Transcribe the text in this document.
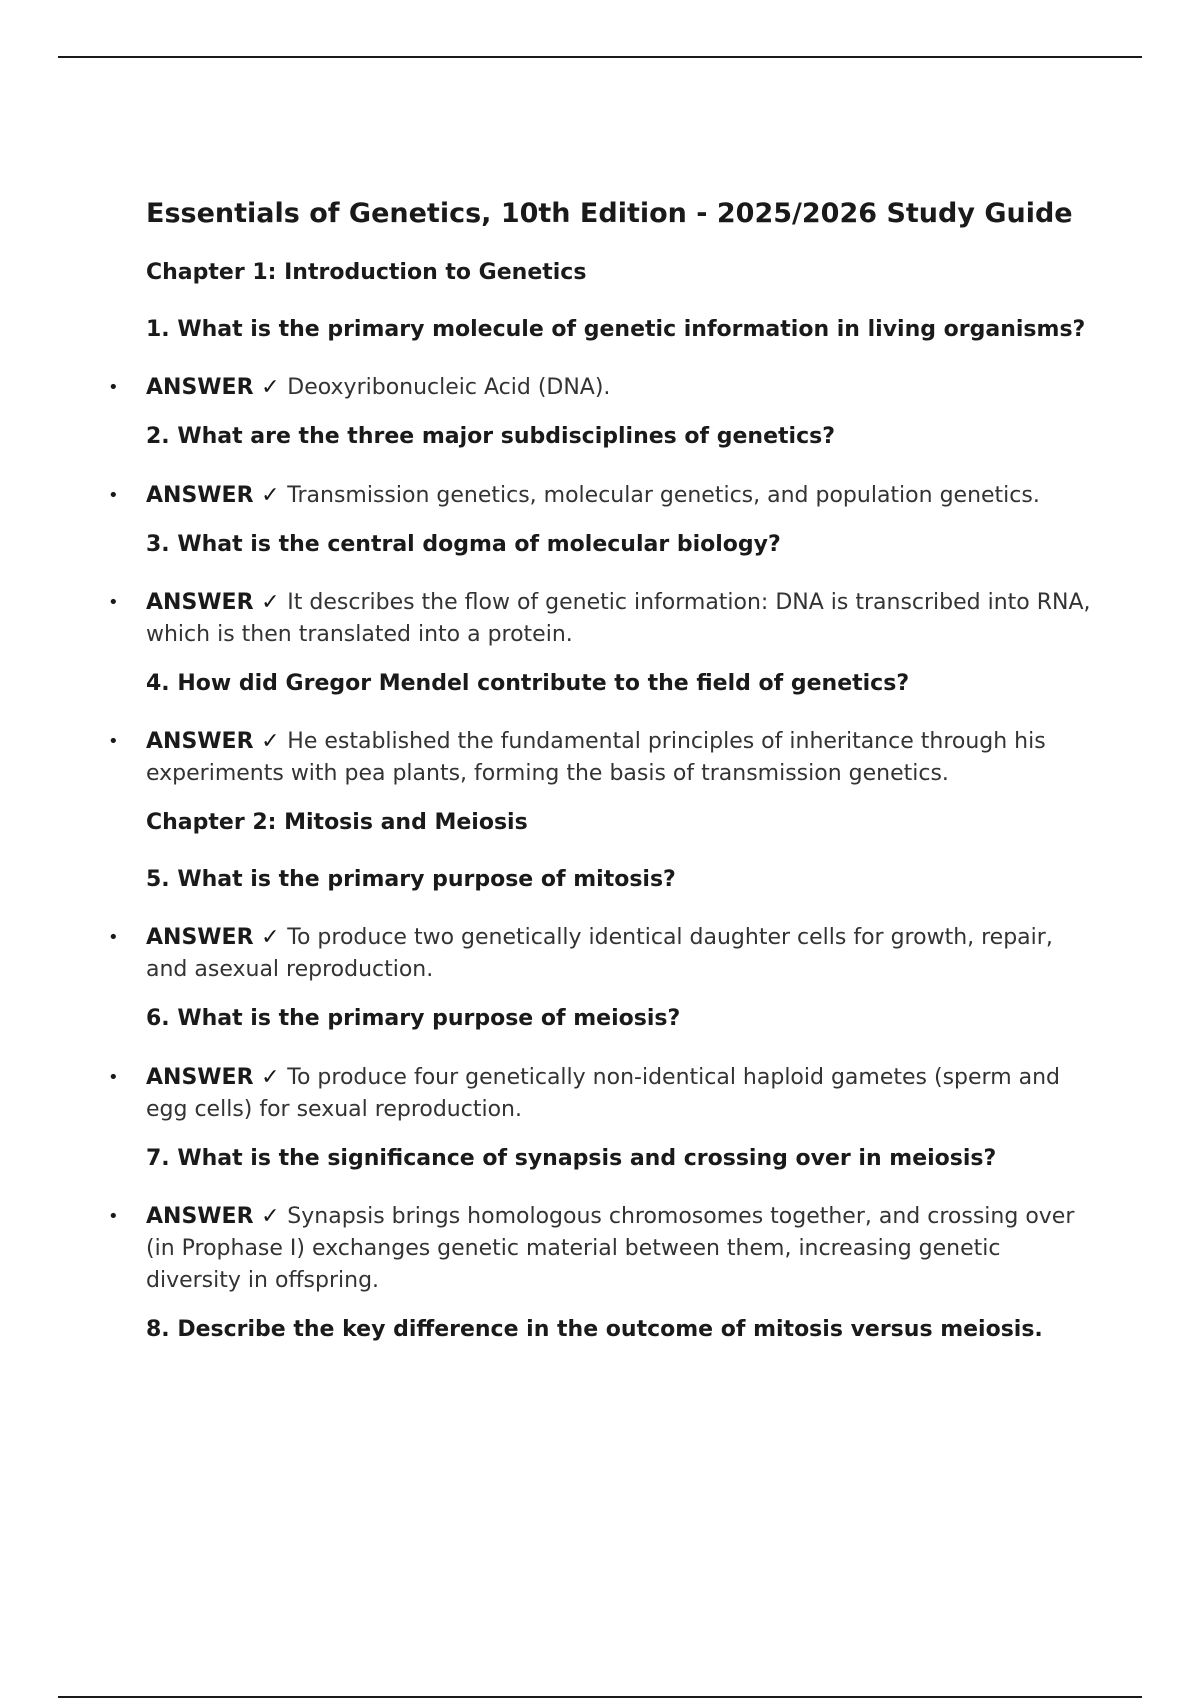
Essentials of Genetics, 10th Edition - 2025/2026 Study Guide
Chapter 1: Introduction to Genetics
1. What is the primary molecule of genetic information in living organisms?
• ANSWER ✓ Deoxyribonucleic Acid (DNA).
2. What are the three major subdisciplines of genetics?
• ANSWER ✓ Transmission genetics, molecular genetics, and population genetics.
3. What is the central dogma of molecular biology?
• ANSWER ✓ It describes the flow of genetic information: DNA is transcribed into RNA, which is then translated into a protein.
4. How did Gregor Mendel contribute to the field of genetics?
• ANSWER ✓ He established the fundamental principles of inheritance through his experiments with pea plants, forming the basis of transmission genetics.
Chapter 2: Mitosis and Meiosis
5. What is the primary purpose of mitosis?
• ANSWER ✓ To produce two genetically identical daughter cells for growth, repair, and asexual reproduction.
6. What is the primary purpose of meiosis?
• ANSWER ✓ To produce four genetically non-identical haploid gametes (sperm and egg cells) for sexual reproduction.
7. What is the significance of synapsis and crossing over in meiosis?
• ANSWER ✓ Synapsis brings homologous chromosomes together, and crossing over (in Prophase I) exchanges genetic material between them, increasing genetic diversity in offspring.
8. Describe the key difference in the outcome of mitosis versus meiosis.
